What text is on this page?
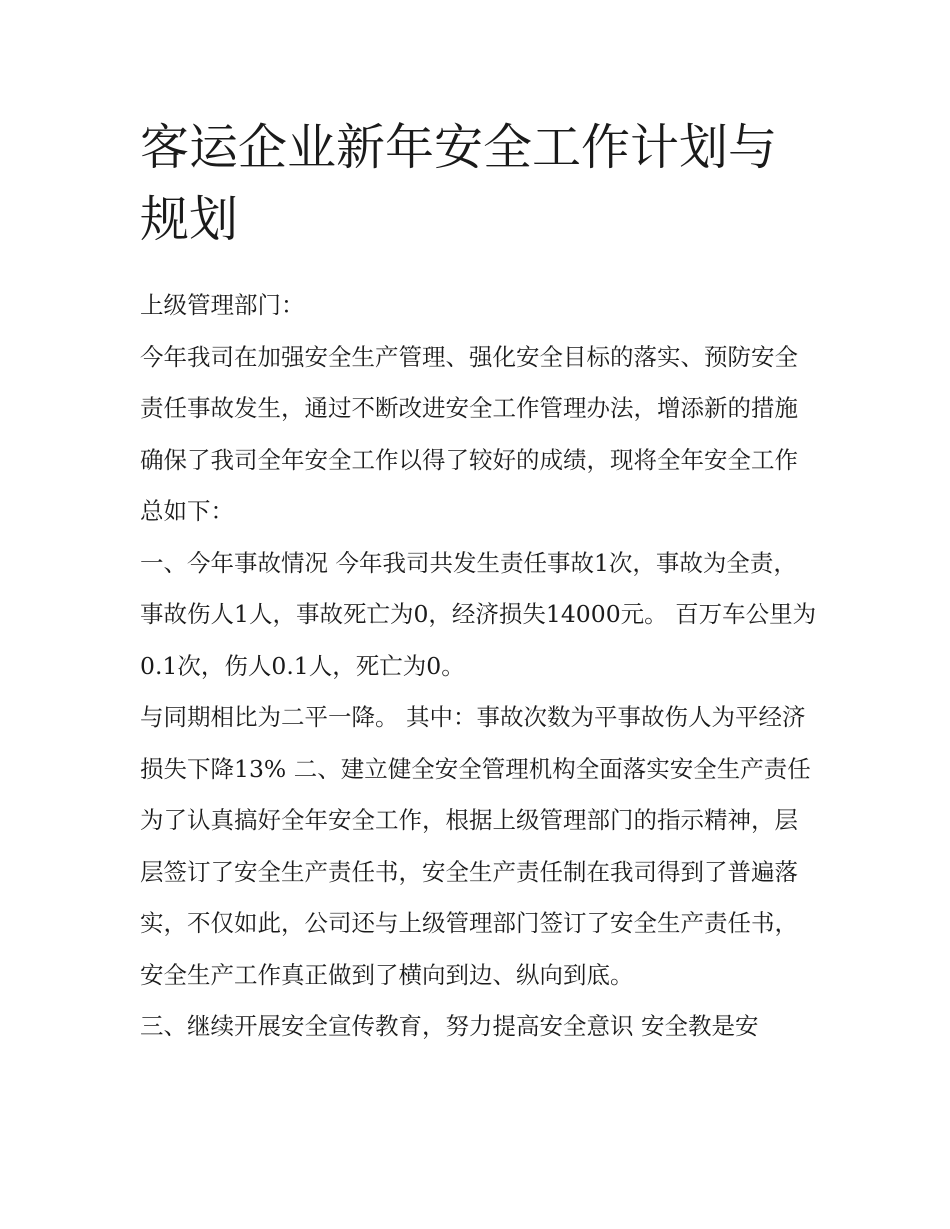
客运企业新年安全工作计划与规划

上级管理部门：

今年我司在加强安全生产管理、强化安全目标的落实、预防安全责任事故发生，通过不断改进安全工作管理办法，增添新的措施确保了我司全年安全工作以得了较好的成绩，现将全年安全工作总如下：

一、今年事故情况 今年我司共发生责任事故1次，事故为全责，事故伤人1人，事故死亡为0，经济损失14000元。 百万车公里为0.1次，伤人0.1人，死亡为0。

与同期相比为二平一降。 其中：事故次数为平事故伤人为平经济损失下降13% 二、建立健全安全管理机构全面落实安全生产责任

为了认真搞好全年安全工作，根据上级管理部门的指示精神，层层签订了安全生产责任书，安全生产责任制在我司得到了普遍落实，不仅如此，公司还与上级管理部门签订了安全生产责任书，安全生产工作真正做到了横向到边、纵向到底。

三、继续开展安全宣传教育，努力提高安全意识 安全教是安
